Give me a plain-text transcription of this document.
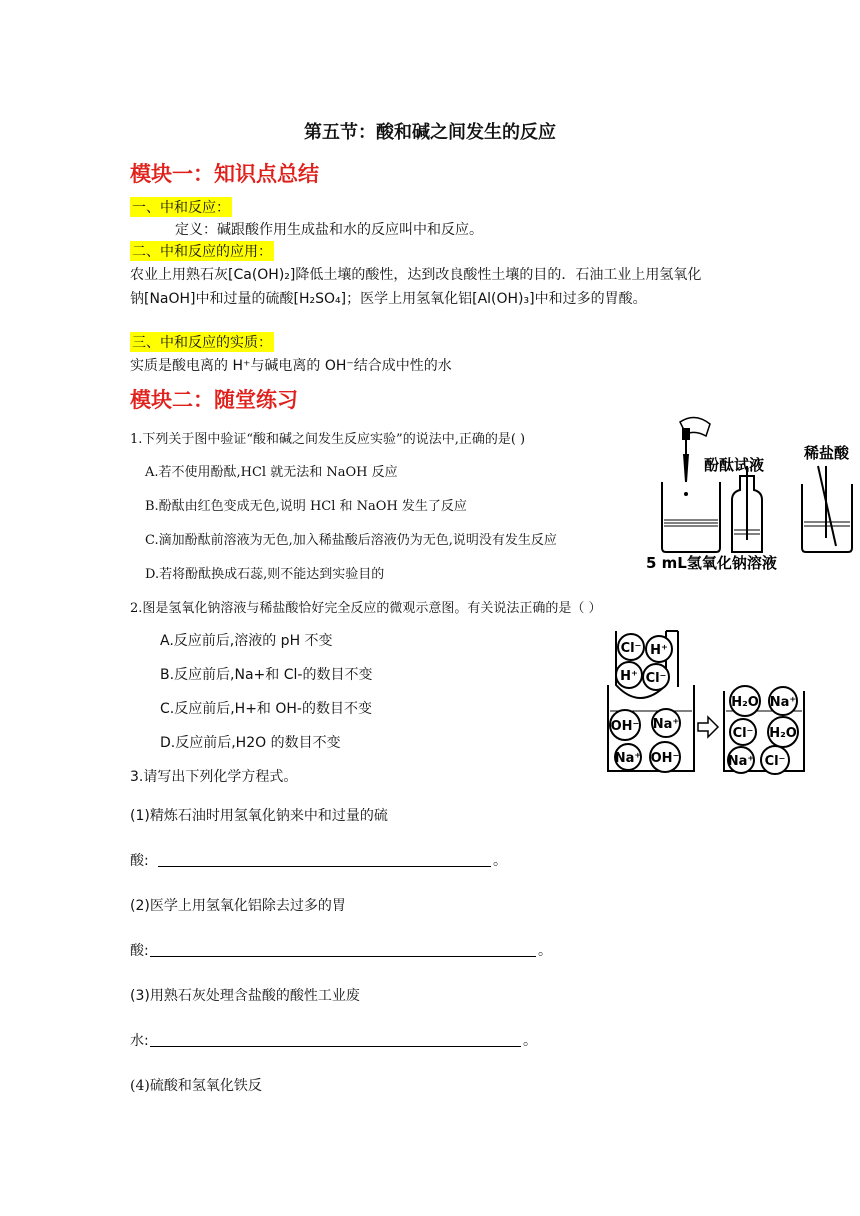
第五节：酸和碱之间发生的反应
模块一：知识点总结
一、中和反应：
定义：碱跟酸作用生成盐和水的反应叫中和反应。
二、中和反应的应用：
农业上用熟石灰[Ca(OH)₂]降低土壤的酸性，达到改良酸性土壤的目的．石油工业上用氢氧化
钠[NaOH]中和过量的硫酸[H₂SO₄]；医学上用氢氧化铝[Al(OH)₃]中和过多的胃酸。
三、中和反应的实质：
实质是酸电离的 H⁺与碱电离的 OH⁻结合成中性的水
模块二：随堂练习
1.下列关于图中验证“酸和碱之间发生反应实验”的说法中,正确的是( )
A.若不使用酚酞,HCl 就无法和 NaOH 反应
B.酚酞由红色变成无色,说明 HCl 和 NaOH 发生了反应
C.滴加酚酞前溶液为无色,加入稀盐酸后溶液仍为无色,说明没有发生反应
D.若将酚酞换成石蕊,则不能达到实验目的
酚酞试液
稀盐酸
5 mL氢氧化钠溶液
2.图是氢氧化钠溶液与稀盐酸恰好完全反应的微观示意图。有关说法正确的是（ ）
A.反应前后,溶液的 pH 不变
B.反应前后,Na+和 Cl-的数目不变
C.反应前后,H+和 OH-的数目不变
D.反应前后,H2O 的数目不变
Cl⁻ H⁺
H⁺ Cl⁻
OH⁻ Na⁺
Na⁺ OH⁻
H₂O Na⁺
Cl⁻ H₂O
Na⁺ Cl⁻
3.请写出下列化学方程式。
(1)精炼石油时用氢氧化钠来中和过量的硫
酸:	。
(2)医学上用氢氧化铝除去过多的胃
酸:	。
(3)用熟石灰处理含盐酸的酸性工业废
水:	。
(4)硫酸和氢氧化铁反
